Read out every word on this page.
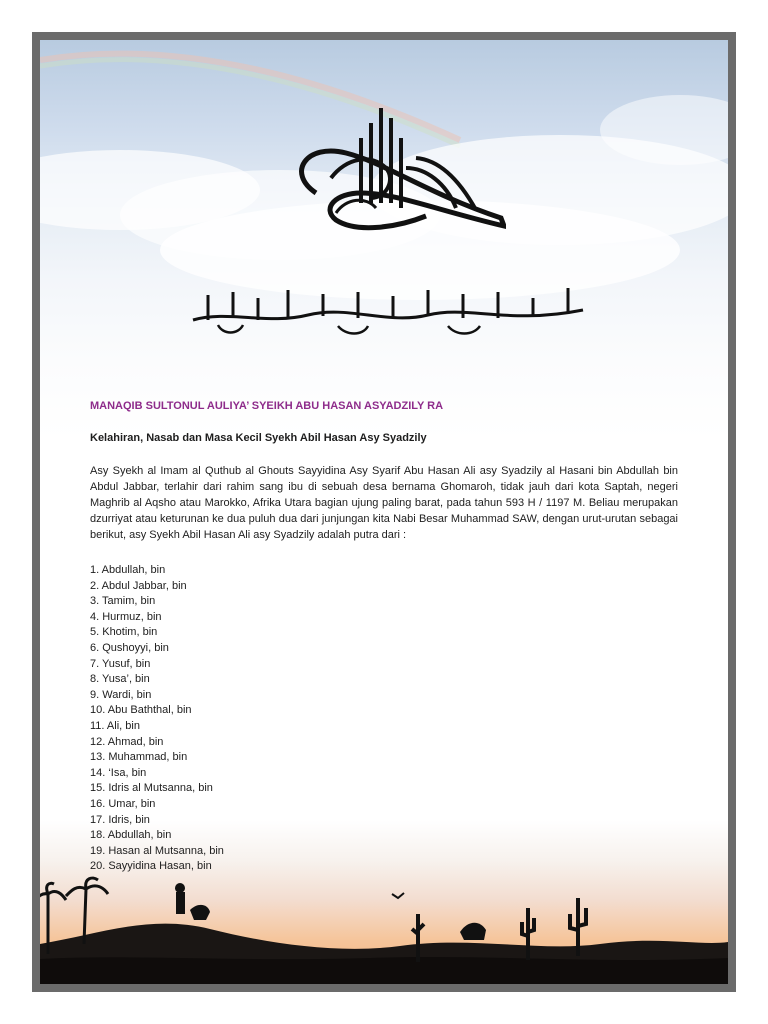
MANAQIB SULTONUL AULIYA’ SYEIKH ABU HASAN ASYADZILY RA

Kelahiran, Nasab dan Masa Kecil Syekh Abil Hasan Asy Syadzily

Asy Syekh al Imam al Quthub al Ghouts Sayyidina Asy Syarif Abu Hasan Ali asy Syadzily al Hasani bin Abdullah bin Abdul Jabbar, terlahir dari rahim sang ibu di sebuah desa bernama Ghomaroh, tidak jauh dari kota Saptah, negeri Maghrib al Aqsho atau Marokko, Afrika Utara bagian ujung paling barat, pada tahun 593 H / 1197 M. Beliau merupakan dzurriyat atau keturunan ke dua puluh dua dari junjungan kita Nabi Besar Muhammad SAW, dengan urut-urutan sebagai berikut, asy Syekh Abil Hasan Ali asy Syadzily adalah putra dari :

1. Abdullah, bin
2. Abdul Jabbar, bin
3. Tamim, bin
4. Hurmuz, bin
5. Khotim, bin
6. Qushoyyi, bin
7. Yusuf, bin
8. Yusa’, bin
9. Wardi, bin
10. Abu Baththal, bin
11. Ali, bin
12. Ahmad, bin
13. Muhammad, bin
14. ‘Isa, bin
15. Idris al Mutsanna, bin
16. Umar, bin
17. Idris, bin
18. Abdullah, bin
19. Hasan al Mutsanna, bin
20. Sayyidina Hasan, bin
